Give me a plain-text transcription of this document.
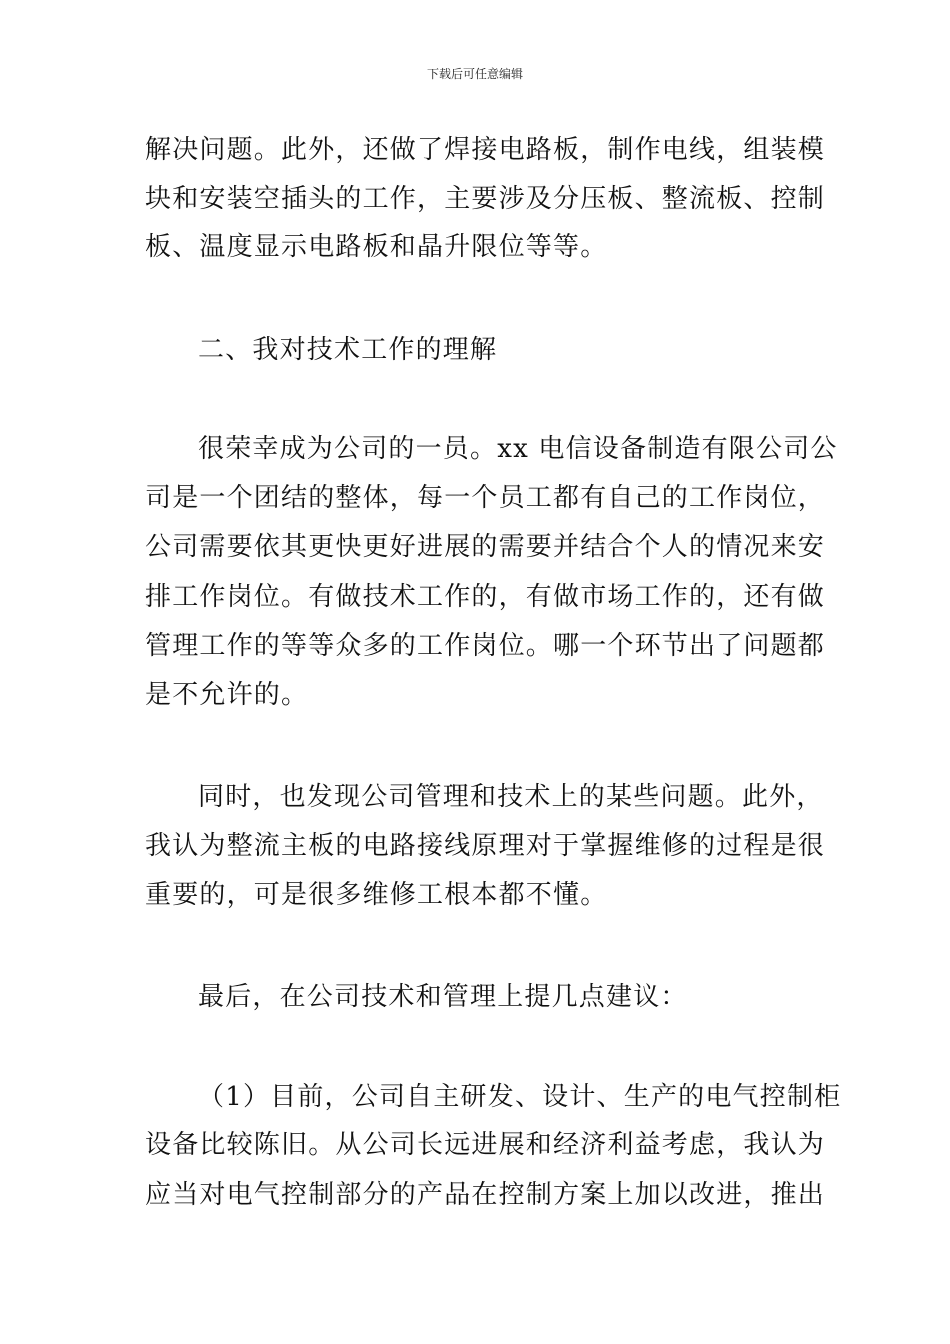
下载后可任意编辑
解决问题。此外，还做了焊接电路板，制作电线，组装模
块和安装空插头的工作，主要涉及分压板、整流板、控制
板、温度显示电路板和晶升限位等等。
二、我对技术工作的理解
很荣幸成为公司的一员。xx 电信设备制造有限公司公
司是一个团结的整体，每一个员工都有自己的工作岗位，
公司需要依其更快更好进展的需要并结合个人的情况来安
排工作岗位。有做技术工作的，有做市场工作的，还有做
管理工作的等等众多的工作岗位。哪一个环节出了问题都
是不允许的。
同时，也发现公司管理和技术上的某些问题。此外，
我认为整流主板的电路接线原理对于掌握维修的过程是很
重要的，可是很多维修工根本都不懂。
最后，在公司技术和管理上提几点建议：
（1）目前，公司自主研发、设计、生产的电气控制柜
设备比较陈旧。从公司长远进展和经济利益考虑，我认为
应当对电气控制部分的产品在控制方案上加以改进，推出
